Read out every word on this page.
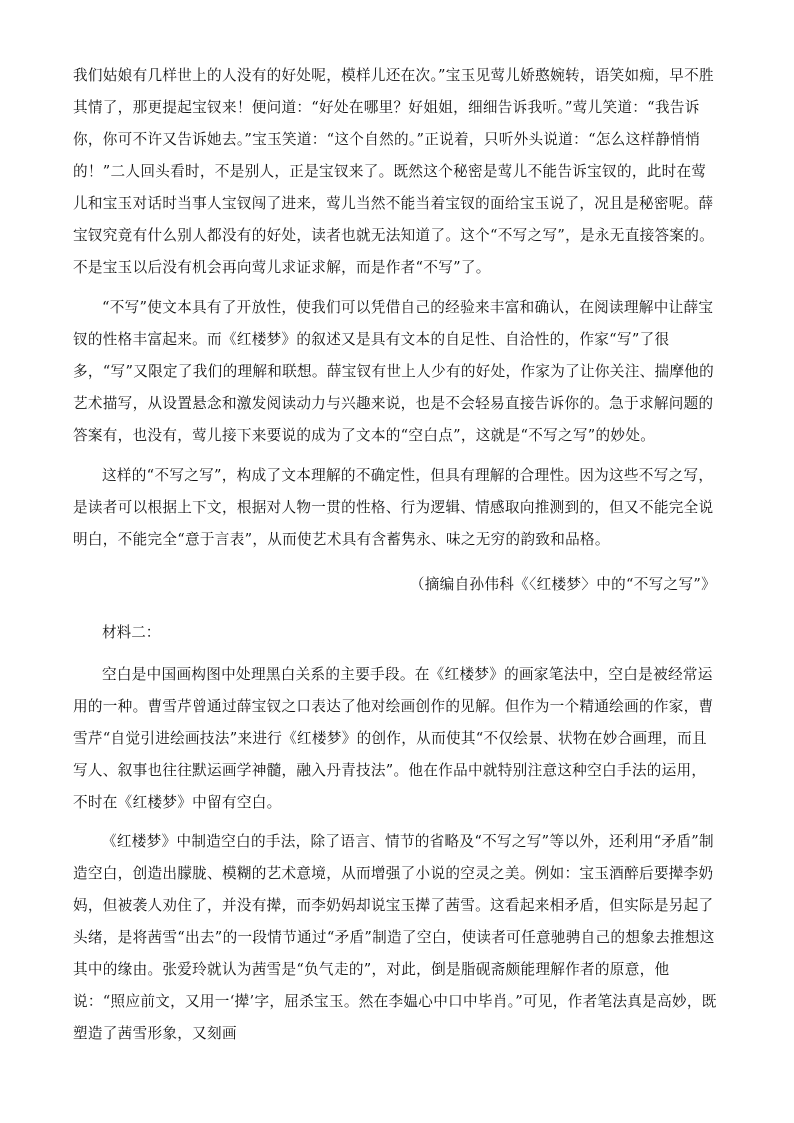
我们姑娘有几样世上的人没有的好处呢，模样儿还在次。”宝玉见莺儿娇憨婉转，语笑如痴，早不胜其情了，那更提起宝钗来！便问道：“好处在哪里？好姐姐，细细告诉我听。”莺儿笑道：“我告诉你，你可不许又告诉她去。”宝玉笑道：“这个自然的。”正说着，只听外头说道：“怎么这样静悄悄的！”二人回头看时，不是别人，正是宝钗来了。既然这个秘密是莺儿不能告诉宝钗的，此时在莺儿和宝玉对话时当事人宝钗闯了进来，莺儿当然不能当着宝钗的面给宝玉说了，况且是秘密呢。薛宝钗究竟有什么别人都没有的好处，读者也就无法知道了。这个“不写之写”，是永无直接答案的。不是宝玉以后没有机会再向莺儿求证求解，而是作者“不写”了。

“不写”使文本具有了开放性，使我们可以凭借自己的经验来丰富和确认，在阅读理解中让薛宝钗的性格丰富起来。而《红楼梦》的叙述又是具有文本的自足性、自洽性的，作家“写”了很多，“写”又限定了我们的理解和联想。薛宝钗有世上人少有的好处，作家为了让你关注、揣摩他的艺术描写，从设置悬念和激发阅读动力与兴趣来说，也是不会轻易直接告诉你的。急于求解问题的答案有，也没有，莺儿接下来要说的成为了文本的“空白点”，这就是“不写之写”的妙处。

这样的“不写之写”，构成了文本理解的不确定性，但具有理解的合理性。因为这些不写之写，是读者可以根据上下文，根据对人物一贯的性格、行为逻辑、情感取向推测到的，但又不能完全说明白，不能完全“意于言表”，从而使艺术具有含蓄隽永、味之无穷的韵致和品格。

（摘编自孙伟科《〈红楼梦〉中的“不写之写”》

材料二：

空白是中国画构图中处理黑白关系的主要手段。在《红楼梦》的画家笔法中，空白是被经常运用的一种。曹雪芹曾通过薛宝钗之口表达了他对绘画创作的见解。但作为一个精通绘画的作家，曹雪芹“自觉引进绘画技法”来进行《红楼梦》的创作，从而使其“不仅绘景、状物在妙合画理，而且写人、叙事也往往默运画学神髓，融入丹青技法”。他在作品中就特别注意这种空白手法的运用，不时在《红楼梦》中留有空白。

《红楼梦》中制造空白的手法，除了语言、情节的省略及“不写之写”等以外，还利用“矛盾”制造空白，创造出朦胧、模糊的艺术意境，从而增强了小说的空灵之美。例如：宝玉酒醉后要撵李奶妈，但被袭人劝住了，并没有撵，而李奶妈却说宝玉撵了茜雪。这看起来相矛盾，但实际是另起了头绪，是将茜雪“出去”的一段情节通过“矛盾”制造了空白，使读者可任意驰骋自己的想象去推想这其中的缘由。张爱玲就认为茜雪是“负气走的”，对此，倒是脂砚斋颇能理解作者的原意，他说：“照应前文，又用一‘撵’字，屈杀宝玉。然在李媪心中口中毕肖。”可见，作者笔法真是高妙，既塑造了茜雪形象，又刻画
